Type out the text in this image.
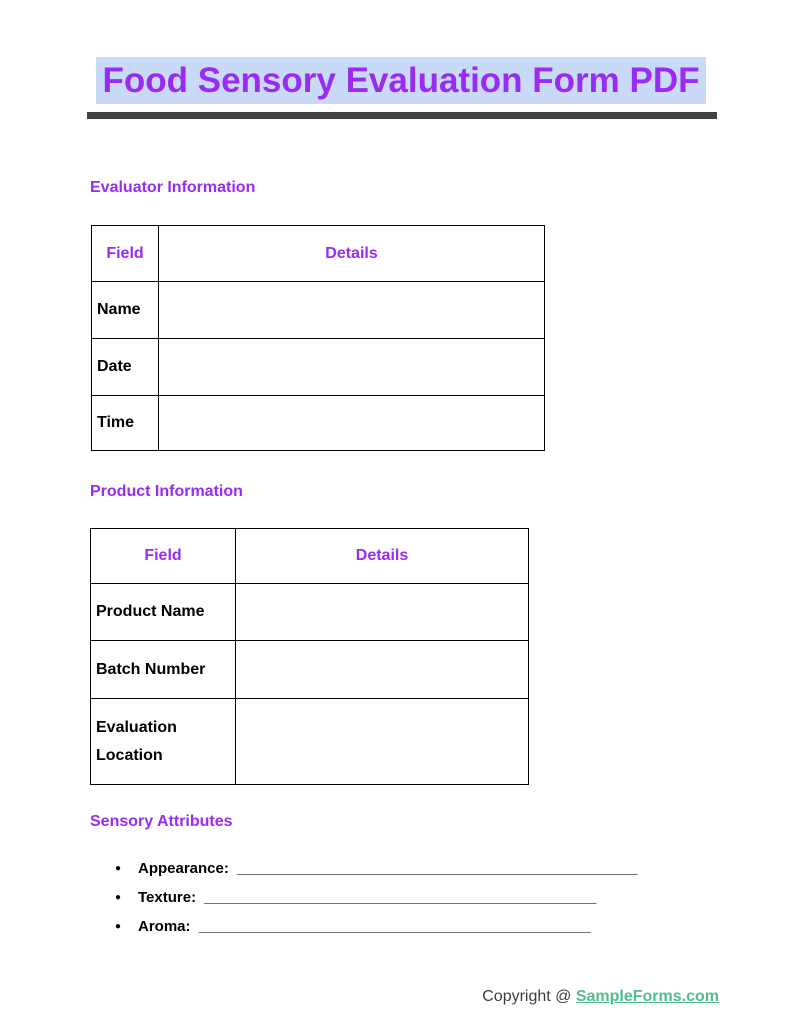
Food Sensory Evaluation Form PDF
Evaluator Information
Field	Details
Name	
Date	
Time	
Product Information
Field	Details
Product Name	
Batch Number	
Evaluation Location	
Sensory Attributes
● Appearance: ________________________________________________
● Texture: _______________________________________________
● Aroma: _______________________________________________
Copyright @ SampleForms.com
